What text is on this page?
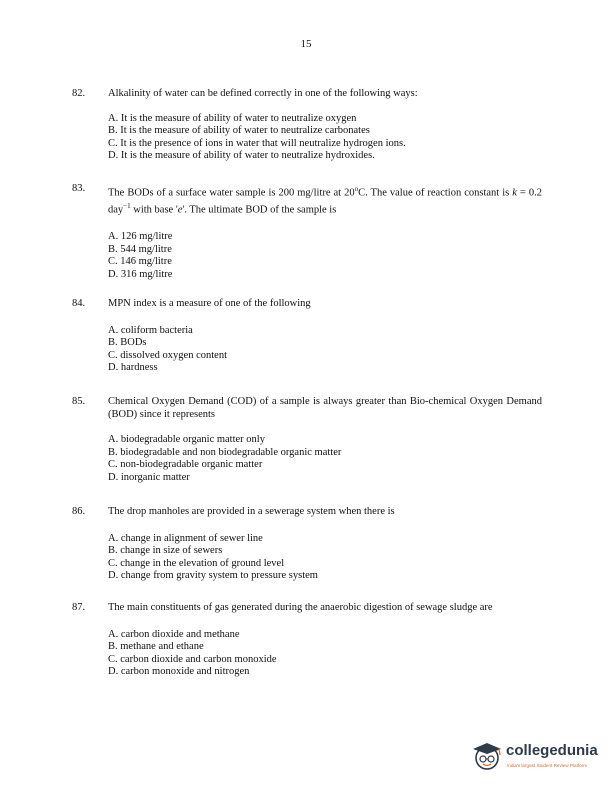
15
82. Alkalinity of water can be defined correctly in one of the following ways:
A. It is the measure of ability of water to neutralize oxygen
B. It is the measure of ability of water to neutralize carbonates
C. It is the presence of ions in water that will neutralize hydrogen ions.
D. It is the measure of ability of water to neutralize hydroxides.
83. The BODs of a surface water sample is 200 mg/litre at 20$^o$C. The value of reaction constant is k = 0.2 day$^{-1}$ with base 'e'. The ultimate BOD of the sample is
A. 126 mg/litre
B. 544 mg/litre
C. 146 mg/litre
D. 316 mg/litre
84. MPN index is a measure of one of the following
A. coliform bacteria
B. BODs
C. dissolved oxygen content
D. hardness
85. Chemical Oxygen Demand (COD) of a sample is always greater than Bio-chemical Oxygen Demand (BOD) since it represents
A. biodegradable organic matter only
B. biodegradable and non biodegradable organic matter
C. non-biodegradable organic matter
D. inorganic matter
86. The drop manholes are provided in a sewerage system when there is
A. change in alignment of sewer line
B. change in size of sewers
C. change in the elevation of ground level
D. change from gravity system to pressure system
87. The main constituents of gas generated during the anaerobic digestion of sewage sludge are
A. carbon dioxide and methane
B. methane and ethane
C. carbon dioxide and carbon monoxide
D. carbon monoxide and nitrogen
collegedunia
India's largest Student Review Platform
